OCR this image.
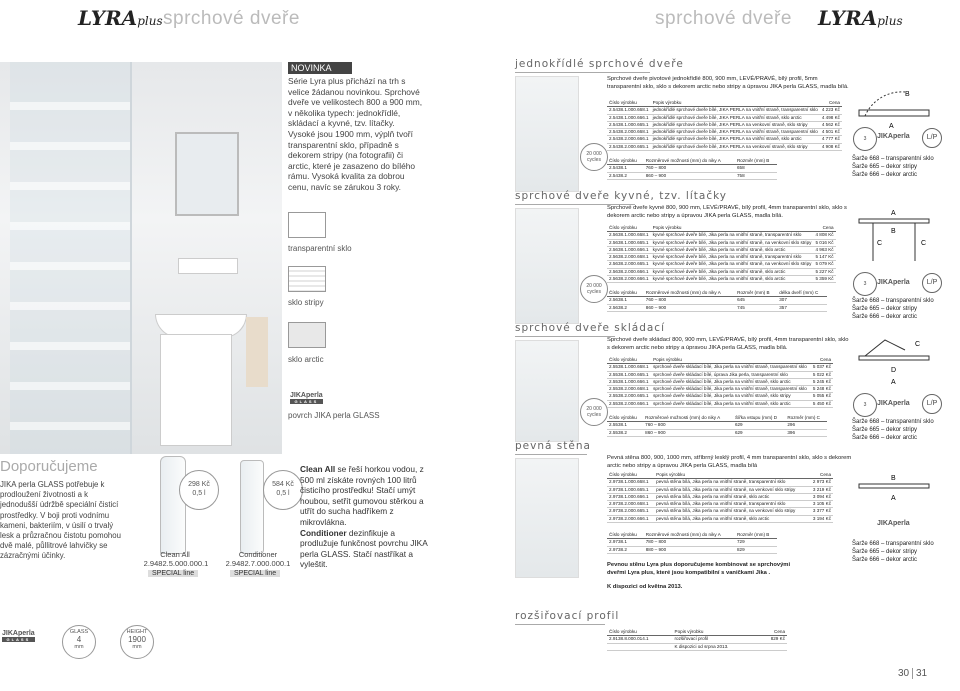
LYRAplus sprchové dveře	sprchové dveře LYRAplus
NOVINKA
Série Lyra plus přichází na trh s velice žádanou novinkou. Sprchové dveře ve velikostech 800 a 900 mm, v několika typech: jednokřídlé, skládací a kyvné, tzv. lítačky. Vysoké jsou 1900 mm, výplň tvoří transparentní sklo, případně s dekorem stripy (na fotografii) či arctic, které je zasazeno do bílého rámu. Vysoká kvalita za dobrou cenu, navíc se zárukou 3 roky.
transparentní sklo
sklo stripy
sklo arctic
JIKAperla
GLASS
povrch JIKA perla GLASS
Doporučujeme
JIKA perla GLASS potřebuje k prodloužení životnosti a k jednodušší údržbě speciální čisticí prostředky. V boji proti vodnímu kameni, bakteriím, v úsilí o trvalý lesk a průzračnou čistotu pomohou dvě malé, půllitrové lahvičky se zázračnými účinky.
298 Kč
0,5 l
Clean All
2.9482.5.000.000.1
SPECIAL line
584 Kč
0,5 l
Conditioner
2.9482.7.000.000.1
SPECIAL line
Clean All se řeší horkou vodou, z 500 ml získáte rovných 100 litrů čisticího prostředku! Stačí umýt houbou, setřít gumovou stěrkou a utřít do sucha hadříkem z mikrovlákna.
Conditioner dezinfikuje a prodlužuje funkčnost povrchu JIKA perla GLASS. Stačí nastříkat a vyleštit.
JIKAperla
GLASS
GLASS
4
mm
HEIGHT
1900
mm
jednokřídlé sprchové dveře
20 000
cycles
Sprchové dveře pivotové jednokřídlé 800, 900 mm, LEVÉ/PRAVÉ, bílý profil, 5mm transparentní sklo, sklo s dekorem arctic nebo stripy a úpravou JIKA perla GLASS, madla bílá.
Číslo výrobku	Popis výrobku	Cena
2.5438.1.000.668.1	jednokřídlé sprchové dveře bílé, JIKA PERLA na vnitřní straně, transparentní sklo	4 223 Kč
2.5438.1.000.666.1	jednokřídlé sprchové dveře bílé, JIKA PERLA na vnitřní straně, sklo arctic	4 498 Kč
2.5438.1.000.665.1	jednokřídlé sprchové dveře bílé, JIKA PERLA na venkovní straně, sklo stripy	4 562 Kč
2.5438.2.000.668.1	jednokřídlé sprchové dveře bílé, JIKA PERLA na vnitřní straně, transparentní sklo	4 501 Kč
2.5438.2.000.666.1	jednokřídlé sprchové dveře bílé, JIKA PERLA na vnitřní straně, sklo arctic	4 777 Kč
2.5438.2.000.665.1	jednokřídlé sprchové dveře bílé, JIKA PERLA na venkovní straně, sklo stripy	4 908 Kč
Číslo výrobku	Rozměrové možnosti (mm) do niky A	Rozměr (mm) B
2.5438.1	760 – 800	658
2.5438.2	860 – 900	758
B
A
3	L/P
JIKAperla
Šarže 668 – transparentní sklo
Šarže 665 – dekor stripy
Šarže 666 – dekor arctic
sprchové dveře kyvné, tzv. lítačky
20 000
cycles
Sprchové dveře kyvné 800, 900 mm, LEVÉ/PRAVÉ, bílý profil, 4mm transparentní sklo, sklo s dekorem arctic nebo stripy a úpravou JIKA perla GLASS, madla bílá.
Číslo výrobku	Popis výrobku	Cena
2.5638.1.000.668.1	kyvné sprchové dveře bílé, Jika perla na vnitřní straně, transparentní sklo	4 808 Kč
2.5638.1.000.665.1	kyvné sprchové dveře bílé, Jika perla na vnitřní straně, na venkovní sklo stripy	5 016 Kč
2.5638.1.000.666.1	kyvné sprchové dveře bílé, Jika perla na vnitřní straně, sklo arctic	4 963 Kč
2.5638.2.000.668.1	kyvné sprchové dveře bílé, Jika perla na vnitřní straně, transparentní sklo	5 147 Kč
2.5638.2.000.665.1	kyvné sprchové dveře bílé, Jika perla na vnitřní straně, na venkovní sklo stripy	5 079 Kč
2.5638.2.000.666.1	kyvné sprchové dveře bílé, Jika perla na vnitřní straně, sklo arctic	5 227 Kč
2.5638.2.000.666.1	kyvné sprchové dveře bílé, Jika perla na vnitřní straně, sklo arctic	5 359 Kč
Číslo výrobku	Rozměrové možnosti (mm) do niky A	Rozměr (mm) B	délka dveří (mm) C
2.5638.1	760 – 800	645	307
2.5638.2	860 – 900	745	357
A
B
C	C
3	L/P
JIKAperla
Šarže 668 – transparentní sklo
Šarže 665 – dekor stripy
Šarže 666 – dekor arctic
sprchové dveře skládací
20 000
cycles
Sprchové dveře skládací 800, 900 mm, LEVÉ/PRAVÉ, bílý profil, 4mm transparentní sklo, sklo s dekorem arctic nebo stripy a úpravou JIKA perla GLASS, madla bílá.
Číslo výrobku	Popis výrobku	Cena
2.5538.1.000.668.1	sprchové dveře skládací bílé, Jika perla na vnitřní straně, transparentní sklo	5 037 Kč
2.5538.1.000.665.1	sprchové dveře skládací bílé, úprava Jika perla, transparentní sklo	5 022 Kč
2.5538.1.000.666.1	sprchové dveře skládací bílé, Jika perla na vnitřní straně, sklo arctic	5 245 Kč
2.5538.2.000.668.1	sprchové dveře skládací bílé, Jika perla na vnitřní straně, transparentní sklo	5 248 Kč
2.5538.2.000.665.1	sprchové dveře skládací bílé, Jika perla na vnitřní straně, sklo stripy	5 055 Kč
2.5538.2.000.666.1	sprchové dveře skládací bílé, Jika perla na vnitřní straně, sklo arctic	5 450 Kč
Číslo výrobku	Rozměrové možnosti (mm) do niky A	Šířka vstupu (mm) D	Rozměr (mm) C
2.5538.1	760 – 800	629	296
2.5538.2	860 – 900	629	396
D
A
C
3	L/P
JIKAperla
Šarže 668 – transparentní sklo
Šarže 665 – dekor stripy
Šarže 666 – dekor arctic
pevná stěna
Pevná stěna 800, 900, 1000 mm, stříbrný lesklý profil, 4 mm transparentní sklo, sklo s dekorem arctic nebo stripy a úpravou JIKA perla GLASS, madla bílá
Číslo výrobku	Popis výrobku	Cena
2.9738.1.000.668.1	pevná stěna bílá, Jika perla na vnitřní straně, transparentní sklo	2 973 Kč
2.9738.1.000.665.1	pevná stěna bílá, Jika perla na vnitřní straně, na venkovní sklo stripy	3 219 Kč
2.9738.1.000.666.1	pevná stěna bílá, Jika perla na vnitřní straně, sklo arctic	3 094 Kč
2.9738.2.000.668.1	pevná stěna bílá, Jika perla na vnitřní straně, transparentní sklo	3 105 Kč
2.9738.2.000.665.1	pevná stěna bílá, Jika perla na vnitřní straně, na venkovní sklo stripy	3 377 Kč
2.9738.2.000.666.1	pevná stěna bílá, Jika perla na vnitřní straně, sklo arctic	3 194 Kč
Číslo výrobku	Rozměrové možnosti (mm) do niky A	Rozměr (mm) B
2.9738.1	780 – 800	729
2.9738.2	880 – 900	829
Pevnou stěnu Lyra plus doporučujeme kombinovat se sprchovými dveřmi Lyra plus, které jsou kompatibilní s vaničkami Jika .
K dispozici od května 2013.
B
A
JIKAperla
Šarže 668 – transparentní sklo
Šarže 665 – dekor stripy
Šarže 666 – dekor arctic
rozšiřovací profil
Číslo výrobku	Popis výrobku	Cena
2.9138.8.000.014.1	rozšiřovací profil	829 Kč
	K dispozici od srpna 2013.	
30 31
